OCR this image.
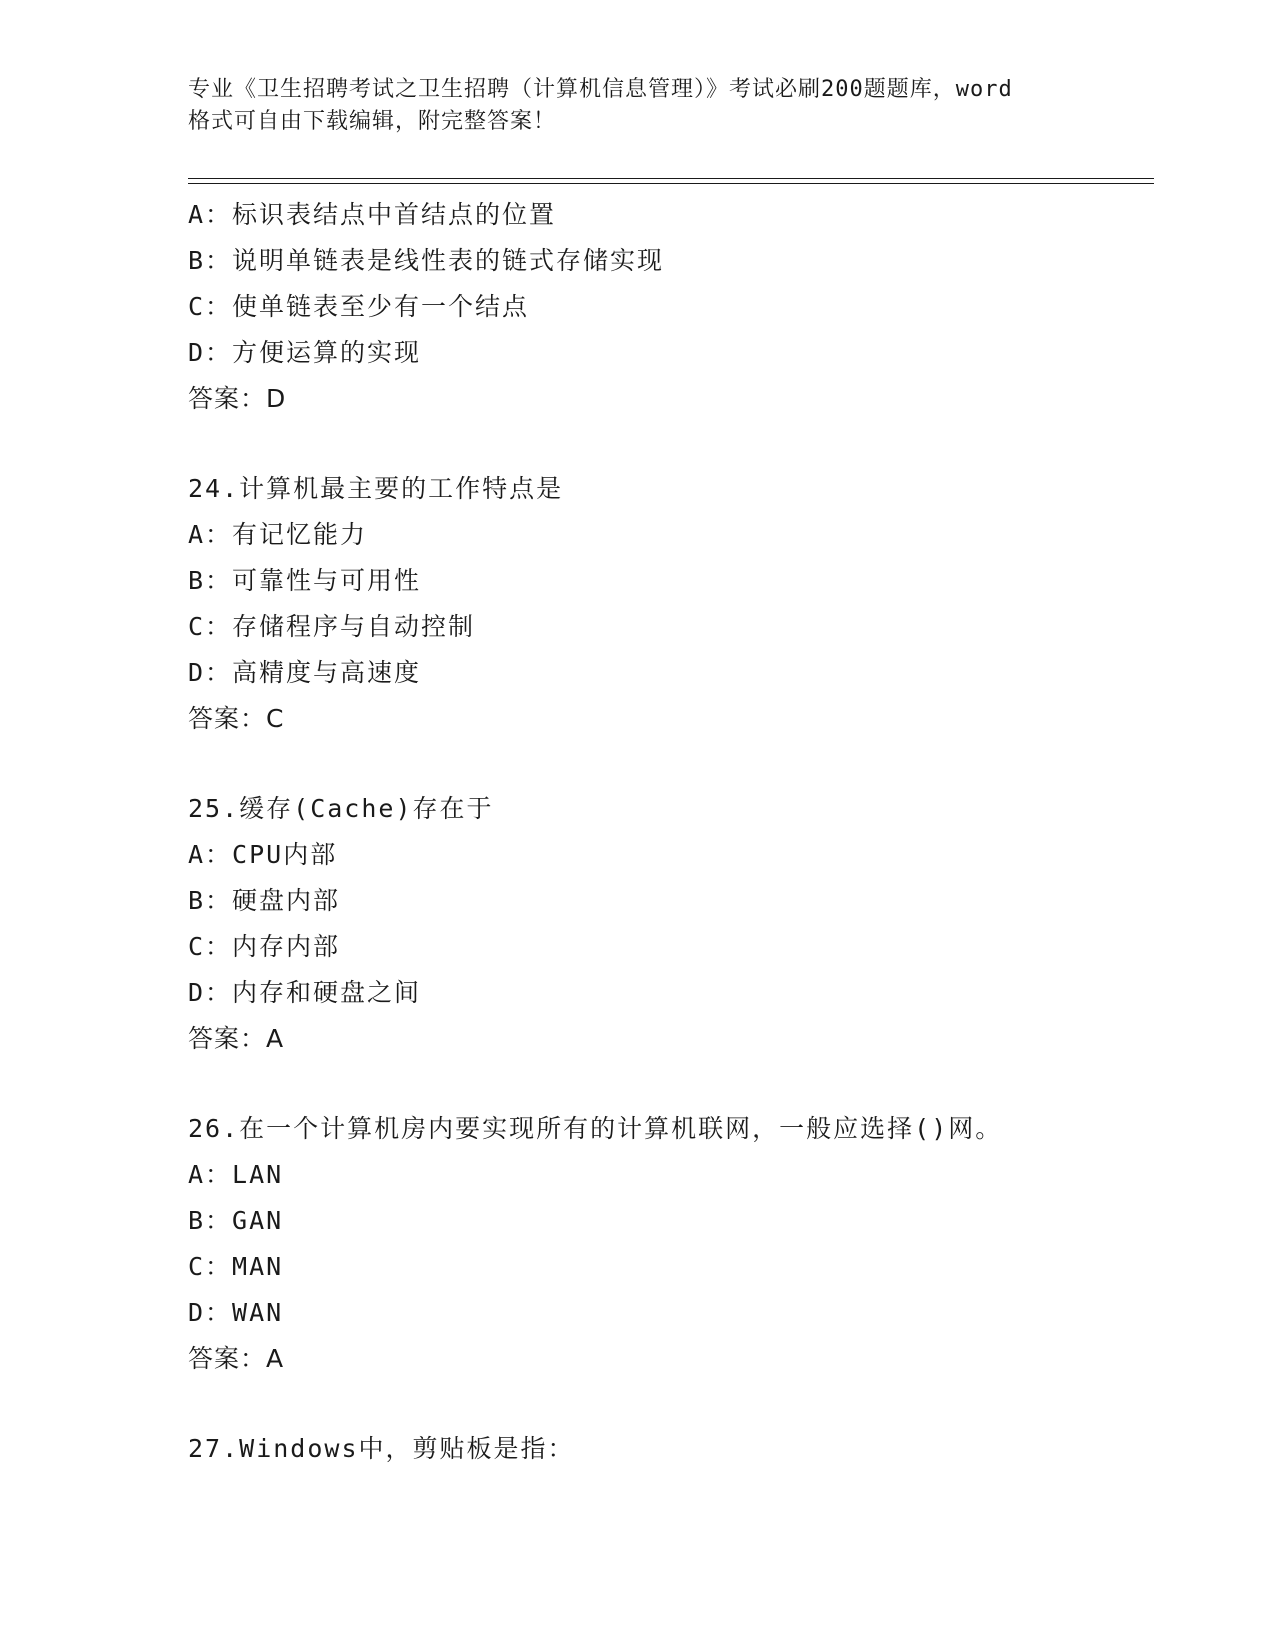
专业《卫生招聘考试之卫生招聘（计算机信息管理）》考试必刷200题题库，word
格式可自由下载编辑，附完整答案！
A：标识表结点中首结点的位置
B：说明单链表是线性表的链式存储实现
C：使单链表至少有一个结点
D：方便运算的实现
答案：D
24.计算机最主要的工作特点是
A：有记忆能力
B：可靠性与可用性
C：存储程序与自动控制
D：高精度与高速度
答案：C
25.缓存(Cache)存在于
A：CPU内部
B：硬盘内部
C：内存内部
D：内存和硬盘之间
答案：A
26.在一个计算机房内要实现所有的计算机联网，一般应选择()网。
A：LAN
B：GAN
C：MAN
D：WAN
答案：A
27.Windows中，剪贴板是指：
